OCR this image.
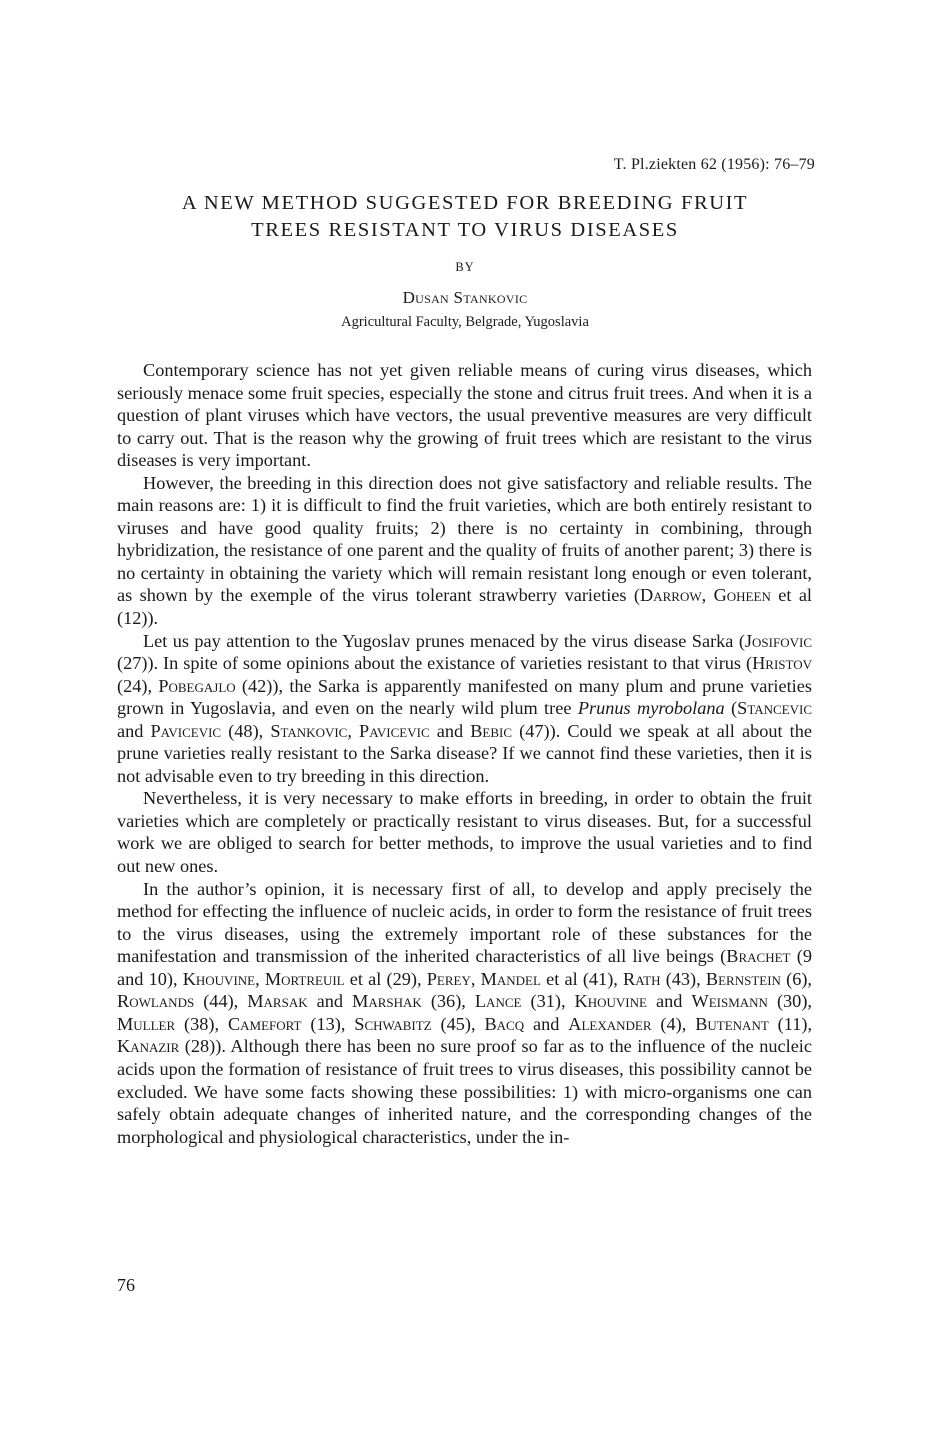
T. Pl.ziekten 62 (1956): 76–79
A NEW METHOD SUGGESTED FOR BREEDING FRUIT
TREES RESISTANT TO VIRUS DISEASES
BY
Dusan Stankovic
Agricultural Faculty, Belgrade, Yugoslavia

Contemporary science has not yet given reliable means of curing virus diseases, which seriously menace some fruit species, especially the stone and citrus fruit trees. And when it is a question of plant viruses which have vectors, the usual preventive measures are very difficult to carry out. That is the reason why the growing of fruit trees which are resistant to the virus diseases is very important.

However, the breeding in this direction does not give satisfactory and reliable results. The main reasons are: 1) it is difficult to find the fruit varieties, which are both entirely resistant to viruses and have good quality fruits; 2) there is no certainty in combining, through hybridization, the resistance of one parent and the quality of fruits of another parent; 3) there is no certainty in obtaining the variety which will remain resistant long enough or even tolerant, as shown by the exemple of the virus tolerant strawberry varieties (Darrow, Goheen et al (12)).

Let us pay attention to the Yugoslav prunes menaced by the virus disease Sarka (Josifovic (27)). In spite of some opinions about the existance of varieties resistant to that virus (Hristov (24), Pobegajlo (42)), the Sarka is apparently manifested on many plum and prune varieties grown in Yugoslavia, and even on the nearly wild plum tree Prunus myrobolana (Stancevic and Pavicevic (48), Stankovic, Pavicevic and Bebic (47)). Could we speak at all about the prune varieties really resistant to the Sarka disease? If we cannot find these varieties, then it is not advisable even to try breeding in this direction.

Nevertheless, it is very necessary to make efforts in breeding, in order to obtain the fruit varieties which are completely or practically resistant to virus diseases. But, for a successful work we are obliged to search for better methods, to improve the usual varieties and to find out new ones.

In the author’s opinion, it is necessary first of all, to develop and apply precisely the method for effecting the influence of nucleic acids, in order to form the resistance of fruit trees to the virus diseases, using the extremely important role of these substances for the manifestation and transmission of the inherited characteristics of all live beings (Brachet (9 and 10), Khouvine, Mortreuil et al (29), Perey, Mandel et al (41), Rath (43), Bernstein (6), Rowlands (44), Marsak and Marshak (36), Lance (31), Khouvine and Weismann (30), Muller (38), Camefort (13), Schwabitz (45), Bacq and Alexander (4), Butenant (11), Kanazir (28)). Although there has been no sure proof so far as to the influence of the nucleic acids upon the formation of resistance of fruit trees to virus diseases, this possibility cannot be excluded. We have some facts showing these possibilities: 1) with micro-organisms one can safely obtain adequate changes of inherited nature, and the corresponding changes of the morphological and physiological characteristics, under the in-

76
